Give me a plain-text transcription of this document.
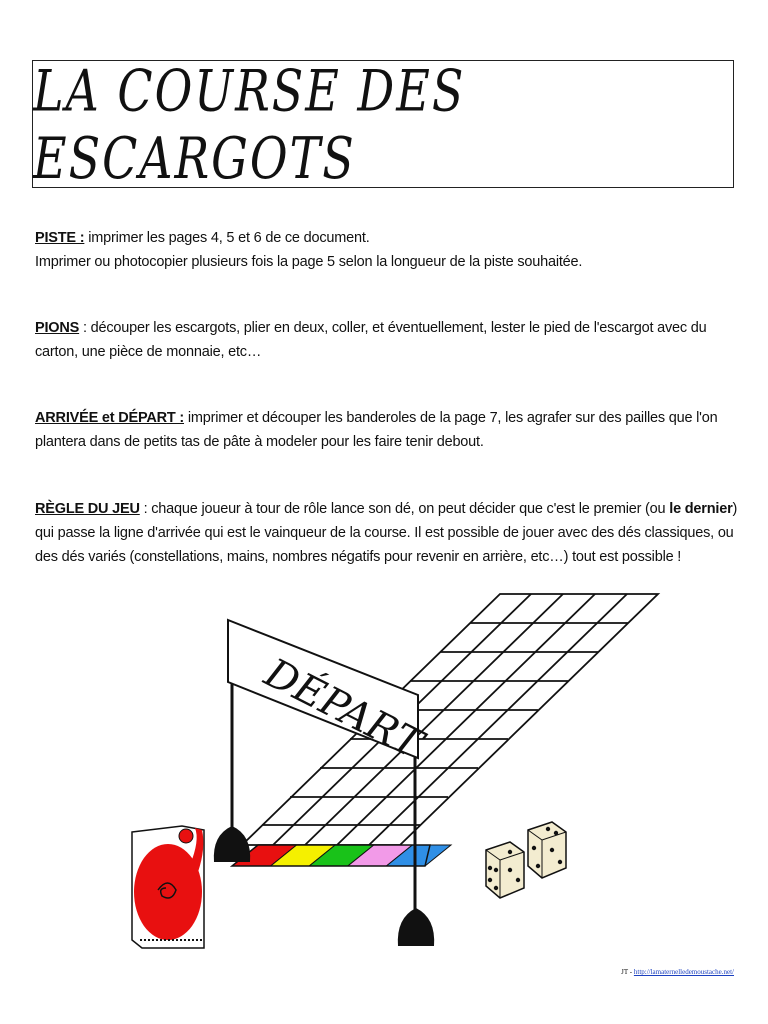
LA COURSE DES ESCARGOTS
PISTE : imprimer les pages 4, 5 et 6 de ce document.
Imprimer ou photocopier plusieurs fois la page 5 selon la longueur de la piste souhaitée.
PIONS : découper les escargots, plier en deux, coller, et éventuellement, lester le pied de l'escargot avec du carton, une pièce de monnaie, etc…
ARRIVÉE et DÉPART : imprimer et découper les banderoles de la page 7, les agrafer sur des pailles que l'on plantera dans de petits tas de pâte à modeler pour les faire tenir debout.
RÈGLE DU JEU : chaque joueur à tour de rôle lance son dé, on peut décider que c'est le premier (ou le dernier) qui passe la ligne d'arrivée qui est le vainqueur de la course. Il est possible de jouer avec des dés classiques, ou des dés variés (constellations, mains, nombres négatifs pour revenir en arrière, etc…) tout est possible !
DÉPART
JT - http://lamaternelledemoustache.net/
